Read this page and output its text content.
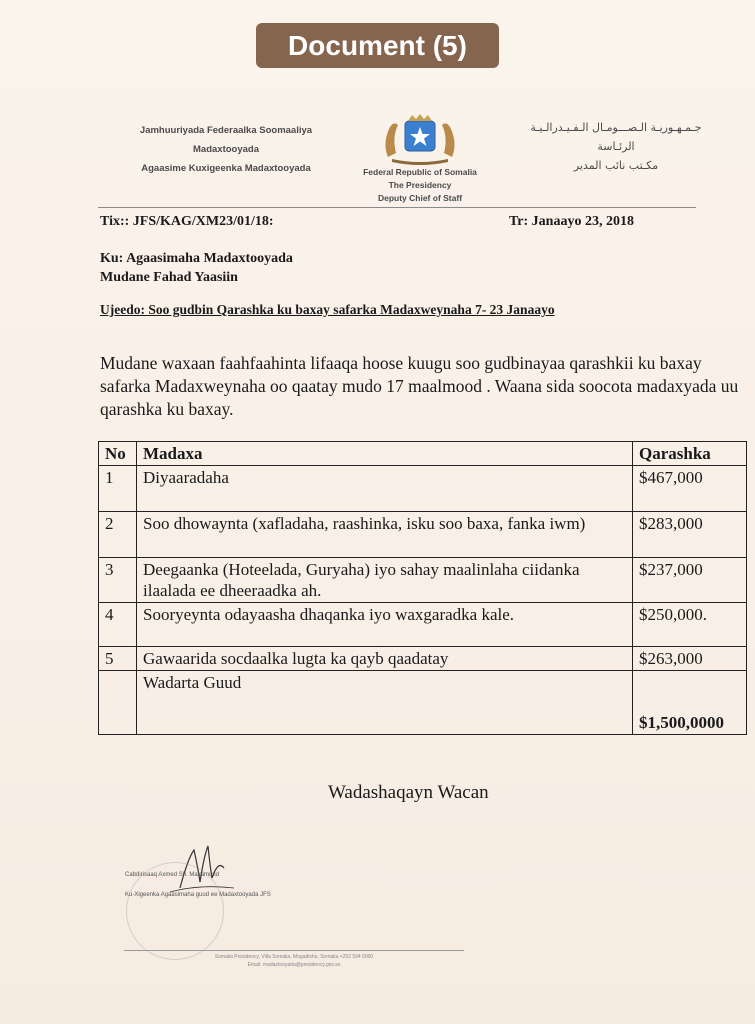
Document (5)
Jamhuuriyada Federaalka Soomaaliya
Madaxtooyada
Agaasime Kuxigeenka Madaxtooyada
جـمـهـوريـة الـصـــومـال الـفـيـدرالـيـة
الرئـاسة
مكـتب نائب المدير
Federal Republic of Somalia
The Presidency
Deputy Chief of Staff
Tix:: JFS/KAG/XM23/01/18:	Tr: Janaayo 23, 2018
Ku: Agaasimaha Madaxtooyada
Mudane Fahad Yaasiin
Ujeedo: Soo gudbin Qarashka ku baxay safarka Madaxweynaha 7- 23 Janaayo
Mudane waxaan faahfaahinta lifaaqa hoose kuugu soo gudbinayaa qarashkii ku baxay safarka Madaxweynaha oo qaatay mudo 17 maalmood . Waana sida soocota madaxyada uu qarashka ku baxay.
No	Madaxa	Qarashka
1	Diyaaradaha	$467,000
2	Soo dhowaynta (xafladaha, raashinka, isku soo baxa, fanka iwm)	$283,000
3	Deegaanka (Hoteelada, Guryaha) iyo sahay maalinlaha ciidanka ilaalada ee dheeraadka ah.	$237,000
4	Sooryeynta odayaasha dhaqanka iyo waxgaradka kale.	$250,000.
5	Gawaarida socdaalka lugta ka qayb qaadatay	$263,000
	Wadarta Guud	$1,500,0000
Wadashaqayn Wacan
Cabdirisaaq Axmed Sh. Maxamuud
Ku-Xigeenka Agaasimaha guud ee Madaxtooyada JFS
Somalia Presidency, Villa Somalia, Mogadishu, Somalia +252 594 0000
Email: madaxtooyada@presidency.gov.so
